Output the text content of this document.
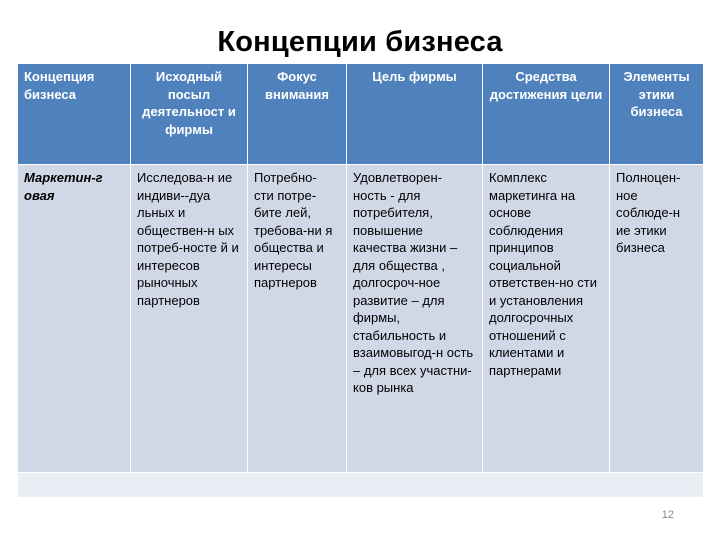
Концепции бизнеса
Концепция бизнеса	Исходный посыл деятельност и фирмы	Фокус внимания	Цель фирмы	Средства достижения цели	Элементы этики бизнеса
Маркетин-г овая	Исследова-н ие индиви--дуа льных и обществен-н ых потреб-носте й и интересов рыночных партнеров	Потребно- сти потре-бите лей, требова-ни я общества и интересы партнеров	Удовлетворен- ность - для потребителя, повышение качества жизни – для общества , долгосроч-ное развитие – для фирмы, стабильность и взаимовыгод-н ость – для всех участни-ков рынка	Комплекс маркетинга на основе соблюдения принципов социальной ответствен-но сти и установления долгосрочных отношений с клиентами и партнерами	Полноцен- ное соблюде-н ие этики бизнеса

12
